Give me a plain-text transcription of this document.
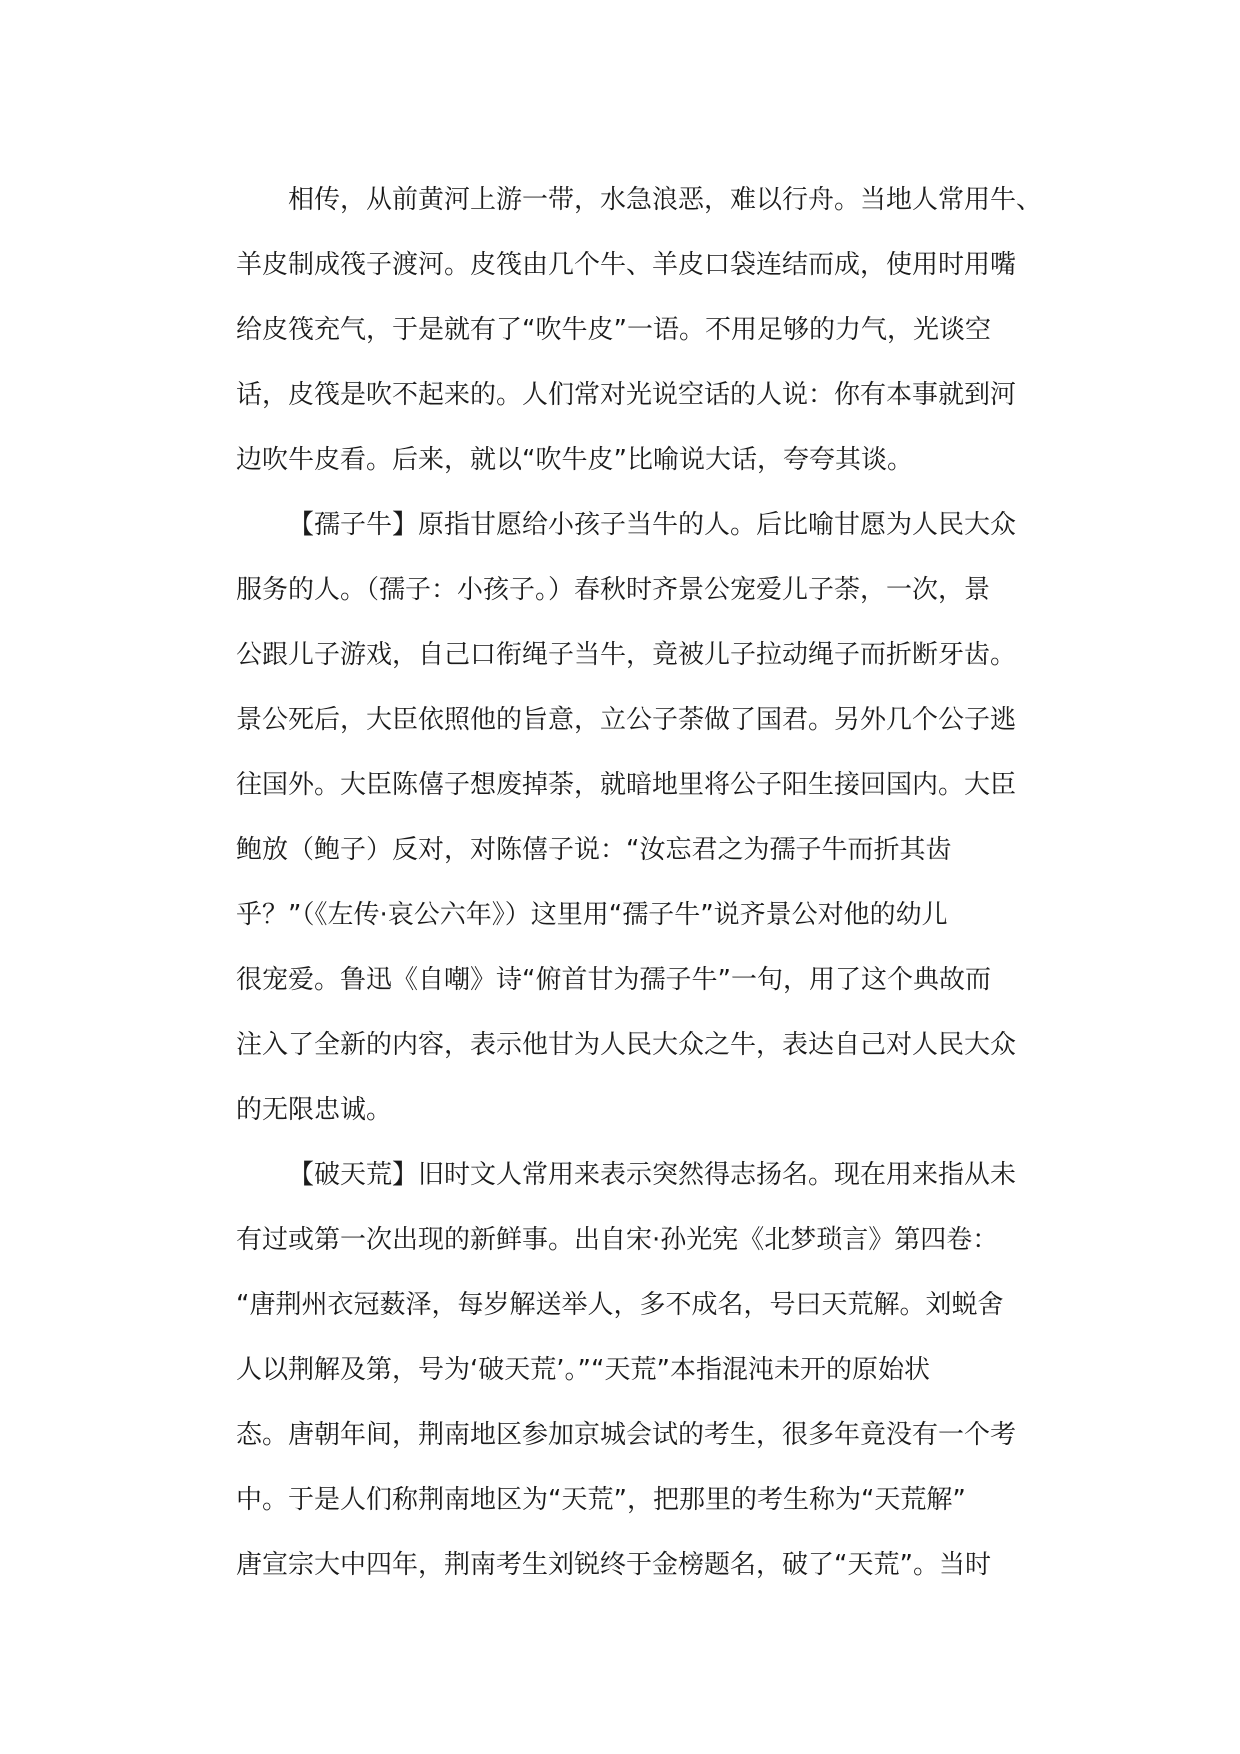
相传，从前黄河上游一带，水急浪恶，难以行舟。当地人常用牛、
羊皮制成筏子渡河。皮筏由几个牛、羊皮口袋连结而成，使用时用嘴
给皮筏充气，于是就有了“吹牛皮”一语。不用足够的力气，光谈空
话，皮筏是吹不起来的。人们常对光说空话的人说：你有本事就到河
边吹牛皮看。后来，就以“吹牛皮”比喻说大话，夸夸其谈。

【孺子牛】原指甘愿给小孩子当牛的人。后比喻甘愿为人民大众
服务的人。（孺子：小孩子。）春秋时齐景公宠爱儿子荼，一次，景
公跟儿子游戏，自己口衔绳子当牛，竟被儿子拉动绳子而折断牙齿。
景公死后，大臣依照他的旨意，立公子荼做了国君。另外几个公子逃
往国外。大臣陈僖子想废掉荼，就暗地里将公子阳生接回国内。大臣
鲍放（鲍子）反对，对陈僖子说：“汝忘君之为孺子牛而折其齿
乎？”（《左传·哀公六年》）这里用“孺子牛”说齐景公对他的幼儿
很宠爱。鲁迅《自嘲》诗“俯首甘为孺子牛”一句，用了这个典故而
注入了全新的内容，表示他甘为人民大众之牛，表达自己对人民大众
的无限忠诚。

【破天荒】旧时文人常用来表示突然得志扬名。现在用来指从未
有过或第一次出现的新鲜事。出自宋·孙光宪《北梦琐言》第四卷：
“唐荆州衣冠薮泽，每岁解送举人，多不成名，号曰天荒解。刘蜕舍
人以荆解及第，号为‘破天荒’。”“天荒”本指混沌未开的原始状
态。唐朝年间，荆南地区参加京城会试的考生，很多年竟没有一个考
中。于是人们称荆南地区为“天荒”，把那里的考生称为“天荒解”
唐宣宗大中四年，荆南考生刘锐终于金榜题名，破了“天荒”。当时
